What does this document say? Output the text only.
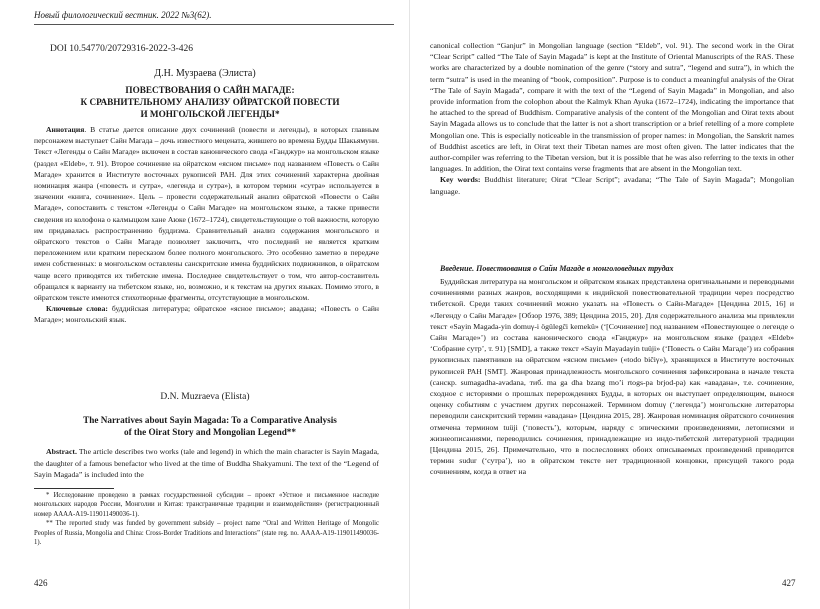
Новый филологический вестник. 2022 №3(62).
DOI 10.54770/20729316-2022-3-426
Д.Н. Музраева (Элиста)
ПОВЕСТВОВАНИЯ О САЙН МАГАДЕ:
К СРАВНИТЕЛЬНОМУ АНАЛИЗУ ОЙРАТСКОЙ ПОВЕСТИ
И МОНГОЛЬСКОЙ ЛЕГЕНДЫ*

Аннотация. В статье дается описание двух сочинений (повести и легенды), в которых главным персонажем выступает Сайн Магада – дочь известного мецената, жившего во времена Будды Шакьямуни. Текст «Легенды о Сайн Магаде» включен в состав канонического свода «Ганджур» на монгольском языке (раздел «Eldeb», т. 91). Второе сочинение на ойратском «ясном письме» под названием «Повесть о Сайн Магаде» хранится в Институте восточных рукописей РАН. Для этих сочинений характерна двойная номинация жанра («повесть и сутра», «легенда и сутра»), в котором термин «сутра» используется в значении «книга, сочинение». Цель – провести содержательный анализ ойратской «Повести о Сайн Магаде», сопоставить с текстом «Легенды о Сайн Магаде» на монгольском языке, а также привести сведения из колофона о калмыцком хане Аюке (1672–1724), свидетельствующие о той важности, которую им придавалась распространению буддизма. Сравнительный анализ содержания монгольского и ойратского текстов о Сайн Магаде позволяет заключить, что последний не является кратким переложением или кратким пересказом более полного монгольского. Это особенно заметно в передаче имен собственных: в монгольском оставлены санскритские имена буддийских подвижников, в ойратском чаще всего приводятся их тибетские имена. Последнее свидетельствует о том, что автор-составитель обращался к варианту на тибетском языке, но, возможно, и к текстам на других языках. Помимо этого, в ойратском тексте имеются стихотворные фрагменты, отсутствующие в монгольском.

Ключевые слова: буддийская литература; ойратское «ясное письмо»; авадана; «Повесть о Сайн Магаде»; монгольский язык.

D.N. Muzraeva (Elista)
The Narratives about Sayin Magada: To a Comparative Analysis
of the Oirat Story and Mongolian Legend**

Abstract. The article describes two works (tale and legend) in which the main character is Sayin Magada, the daughter of a famous benefactor who lived at the time of Buddha Shakyamuni. The text of the “Legend of Sayin Magada” is included into the

* Исследование проведено в рамках государственной субсидии – проект «Устное и письменное наследие монгольских народов России, Монголии и Китая: трансграничные традиции и взаимодействия» (регистрационный номер АААА-А19-119011490036-1).

** The reported study was funded by government subsidy – project name “Oral and Written Heritage of Mongolic Peoples of Russia, Mongolia and China: Cross-Border Traditions and Interactions” (state reg. no. АААА-А19-119011490036-1).

426

canonical collection “Ganjur” in Mongolian language (section “Eldeb”, vol. 91). The second work in the Oirat “Clear Script” called “The Tale of Sayin Magada” is kept at the Institute of Oriental Manuscripts of the RAS. These works are characterized by a double nomination of the genre (“story and sutra”, “legend and sutra”), in which the term “sutra” is used in the meaning of “book, composition”. Purpose is to conduct a meaningful analysis of the Oirat “The Tale of Sayin Magada”, compare it with the text of the “Legend of Sayin Magada” in Mongolian, and also provide information from the colophon about the Kalmyk Khan Ayuka (1672–1724), indicating the importance that he attached to the spread of Buddhism. Comparative analysis of the content of the Mongolian and Oirat texts about Sayin Magada allows us to conclude that the latter is not a short transcription or a brief retelling of a more complete Mongolian one. This is especially noticeable in the transmission of proper names: in Mongolian, the Sanskrit names of Buddhist ascetics are left, in Oirat text their Tibetan names are most often given. The latter indicates that the author-compiler was referring to the Tibetan version, but it is possible that he was also referring to the texts in other languages. In addition, the Oirat text contains verse fragments that are absent in the Mongolian text.

Key words: Buddhist literature; Oirat “Clear Script”; avadana; “The Tale of Sayin Magada”; Mongolian language.

Введение. Повествования о Сайн Магаде в монголоведных трудах

Буддийская литература на монгольском и ойратском языках представлена оригинальными и переводными сочинениями разных жанров, восходящими к индийской повествовательной традиции через посредство тибетской. Среди таких сочинений можно указать на «Повесть о Сайн-Магаде» [Цендина 2015, 16] и «Легенду о Сайн Магаде» [Обзор 1976, 389; Цендина 2015, 20]. Для содержательного анализа мы привлекли текст «Sayin Magada-yin domuγ-i ögülegči kemekü» (‘[Сочинение] под названием «Повествующее о легенде о Сайн Магаде»’) из состава канонического свода «Ганджур» на монгольском языке (раздел «Eldeb» ‘Собрание сутр’, т. 91) [SMD], а также текст «Sayin Mayadayin tuüji» (‘Повесть о Сайн Магаде’) из собрания рукописных памятников на ойратском «ясном письме» («todo bičiγ»), хранящихся в Институте восточных рукописей РАН [SMT]. Жанровая принадлежность монгольского сочинения зафиксирована в начале текста (санскр. sumagadha-avadana, тиб. ma ga dha bzang mo’i rtogs-pa brjod-pa) как «авадана», т.е. сочинение, сходное с историями о прошлых перерождениях Будды, в которых он выступает определяющим, вынося оценку событиям с участием других персонажей. Термином domuγ (‘легенда’) монгольские литераторы переводили санскритский термин «авадана» [Цендина 2015, 28]. Жанровая номинация ойратского сочинения отмечена термином tuüji (‘повесть’), которым, наряду с эпическими произведениями, летописями и жизнеописаниями, переводились сочинения, принадлежащие из индо-тибетской литературной традиции [Цендина 2015, 26]. Примечательно, что в послесловиях обоих описываемых произведений приводится термин sudur (‘сутра’), но в ойратском тексте нет традиционной концовки, присущей такого рода сочинениям, когда в ответ на

427
